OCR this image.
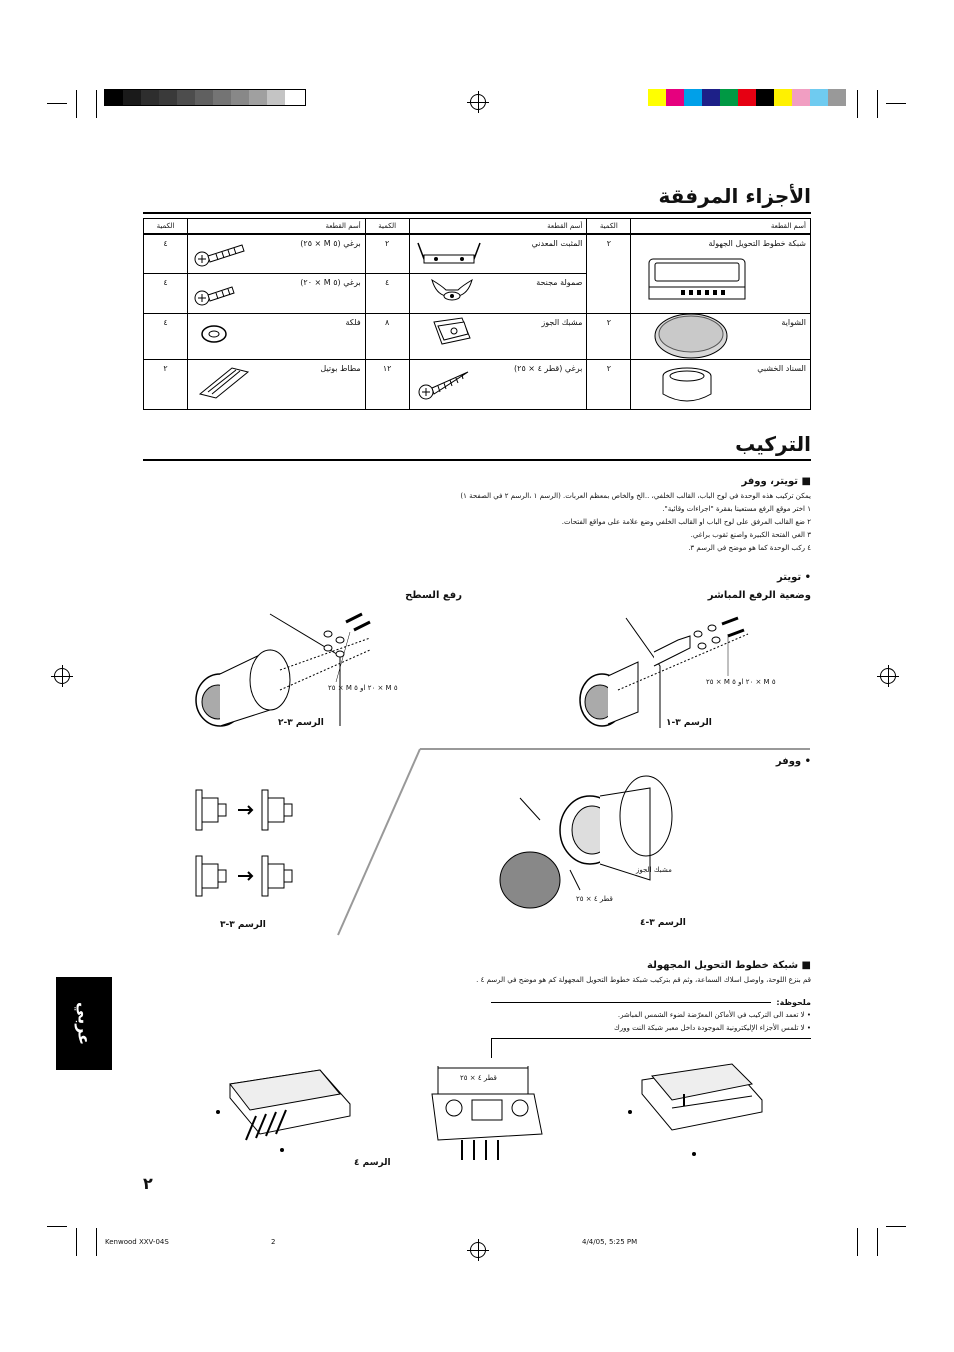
الأجزاء المرفقة
أسم القطعة	الكمية	أسم القطعة	الكمية	أسم القطعة	الكمية

شبكة خطوط التحويل الجهولة	٢	المثبت المعدني	٢	برغي (٥ M × ٢٥)	٤

		صمولة مجنحة	٤	برغي (٥ M × ٢٠)	٤

الشواية	٢	مشبك الجوز	٨	فلكة	٤

السناد الخشبي	٢	برغي (قطر ٤ × ٢٥)	١٢	مطاط بوتيل	٢
التركيب
■ تويتر، ووفر
يمكن تركيب هذه الوحدة في لوح الباب، القالب الخلفي، ..الخ والخاص بمعظم العربات. (الرسم ١ ،الرسم ٢ في الصفحة ١)
١ اختر موقع الرفع مستعينا بفقرة "اجراءات وقائية".
٢ ضع القالب المرفق على لوح الباب او القالب الخلفي وضع علامة على مواقع الفتحات.
٣ الغي الفتحة الكبيرة واصنع ثقوب براغي.
٤ ركب الوحدة كما هو موضح في الرسم ٣.
• تويتر
وضعية الرفع المباشر
رفع السطح
٥ M × ٢٠ او ٥ M × ٢٥
الرسم ٣-٢
٥ M × ٢٠ او ٥ M × ٢٥
الرسم ٣-١
• ووفر
الرسم ٣-٣
مشبك الجوز
قطر ٤ × ٢٥
الرسم ٣-٤
■ شبكة خطوط التحويل المجهولة
قم بنزع اللوحة، واوصل اسلاك السماعة، وثم قم بتركيب شبكة خطوط التحويل المجهولة كم هو موضح في الرسم ٤ .
ملحوظة:
• لا تعمد الى التركيب في الأماكن المعرّضة لضوء الشمس المباشر.
• لا تلمس الأجزاء الإليكترونية الموجودة داخل معبر شبكة النت وورك
الرسم ٤
قطر ٤ × ٢٥
عربي
٢
Kenwood XXV-04S	2	4/4/05, 5:25 PM
